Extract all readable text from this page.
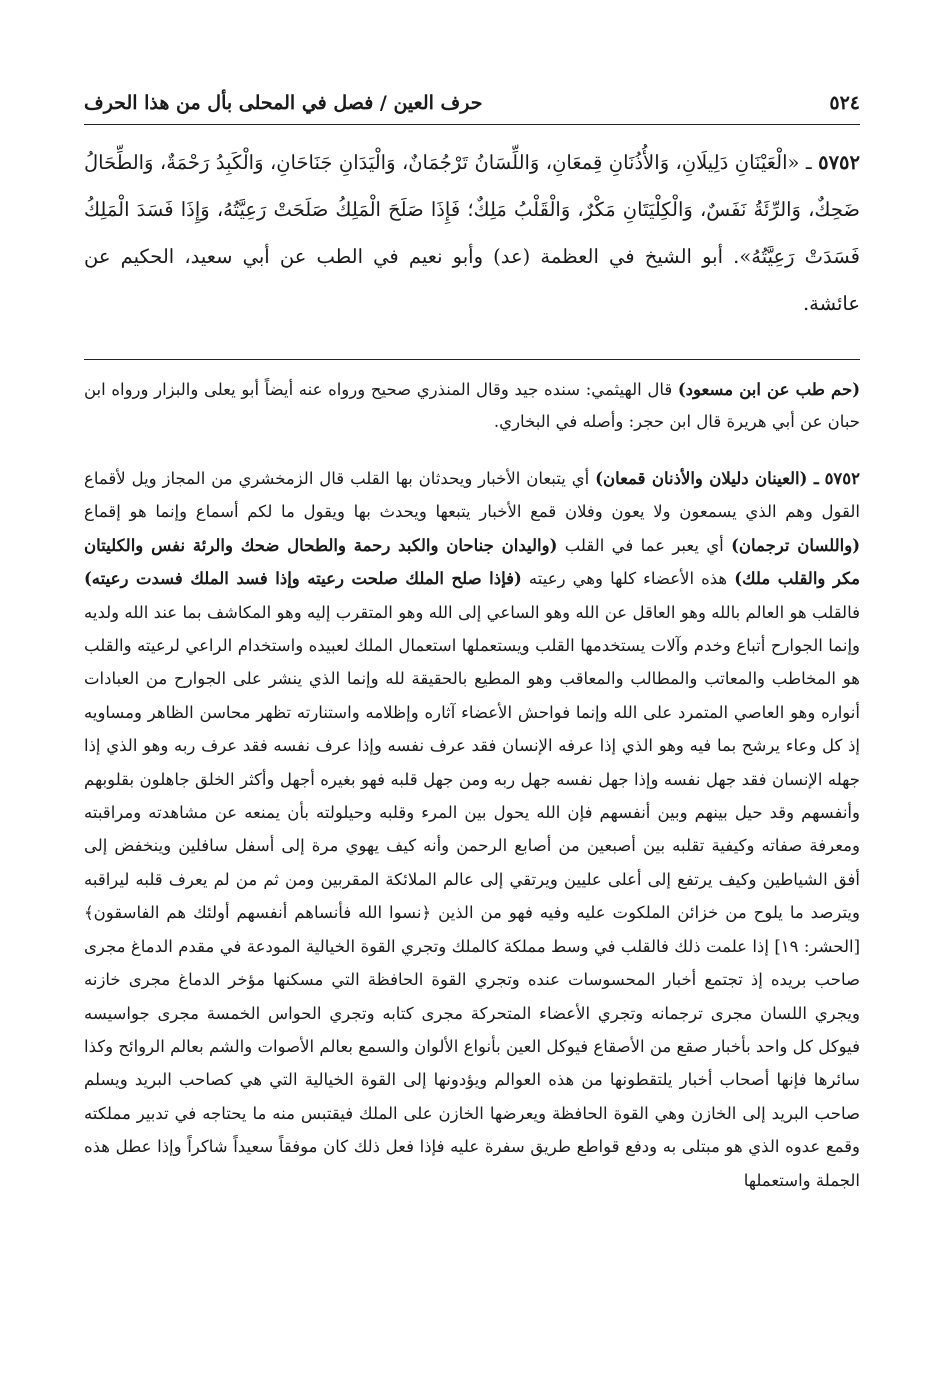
٥٢٤
حرف العين / فصل في المحلى بأل من هذا الحرف
٥٧٥٢ ـ «الْعَيْنَانِ دَلِيلَانِ، وَالأُذُنَانِ قِمعَانِ، وَاللِّسَانُ تَرْجُمَانٌ، وَالْيَدَانِ جَنَاحَانِ، وَالْكَبِدُ رَحْمَةٌ، وَالطِّحَالُ ضَحِكٌ، وَالرِّئَةُ نَفَسٌ، وَالْكِلْيَتَانِ مَكْرٌ، وَالْقَلْبُ مَلِكٌ؛ فَإِذَا صَلَحَ الْمَلِكُ صَلَحَتْ رَعِيَّتُهُ، وَإِذَا فَسَدَ الْمَلِكُ فَسَدَتْ رَعِيَّتُهُ». أبو الشيخ في العظمة (عد) وأبو نعيم في الطب عن أبي سعيد، الحكيم عن عائشة.
(حم طب عن ابن مسعود) قال الهيثمي: سنده جيد وقال المنذري صحيح ورواه عنه أيضاً أبو يعلى والبزار ورواه ابن حبان عن أبي هريرة قال ابن حجر: وأصله في البخاري.
٥٧٥٢ ـ (العينان دليلان والأذنان قمعان) أي يتبعان الأخبار ويحدثان بها القلب قال الزمخشري من المجاز ويل لأقماع القول وهم الذي يسمعون ولا يعون وفلان قمع الأخبار يتبعها ويحدث بها ويقول ما لكم أسماع وإنما هو إقماع (واللسان ترجمان) أي يعبر عما في القلب (واليدان جناحان والكبد رحمة والطحال ضحك والرئة نفس والكليتان مكر والقلب ملك) هذه الأعضاء كلها وهي رعيته (فإذا صلح الملك صلحت رعيته وإذا فسد الملك فسدت رعيته) فالقلب هو العالم بالله وهو العاقل عن الله وهو الساعي إلى الله وهو المتقرب إليه وهو المكاشف بما عند الله ولديه وإنما الجوارح أتباع وخدم وآلات يستخدمها القلب ويستعملها استعمال الملك لعبيده واستخدام الراعي لرعيته والقلب هو المخاطب والمعاتب والمطالب والمعاقب وهو المطيع بالحقيقة لله وإنما الذي ينشر على الجوارح من العبادات أنواره وهو العاصي المتمرد على الله وإنما فواحش الأعضاء آثاره وإظلامه واستنارته تظهر محاسن الظاهر ومساويه إذ كل وعاء يرشح بما فيه وهو الذي إذا عرفه الإنسان فقد عرف نفسه وإذا عرف نفسه فقد عرف ربه وهو الذي إذا جهله الإنسان فقد جهل نفسه وإذا جهل نفسه جهل ربه ومن جهل قلبه فهو بغيره أجهل وأكثر الخلق جاهلون بقلوبهم وأنفسهم وقد حيل بينهم وبين أنفسهم فإن الله يحول بين المرء وقلبه وحيلولته بأن يمنعه عن مشاهدته ومراقبته ومعرفة صفاته وكيفية تقلبه بين أصبعين من أصابع الرحمن وأنه كيف يهوي مرة إلى أسفل سافلين وينخفض إلى أفق الشياطين وكيف يرتفع إلى أعلى عليين ويرتقي إلى عالم الملائكة المقربين ومن ثم من لم يعرف قلبه ليراقبه ويترصد ما يلوح من خزائن الملكوت عليه وفيه فهو من الذين ﴿نسوا الله فأنساهم أنفسهم أولئك هم الفاسقون﴾ [الحشر: ١٩] إذا علمت ذلك فالقلب في وسط مملكة كالملك وتجري القوة الخيالية المودعة في مقدم الدماغ مجرى صاحب بريده إذ تجتمع أخبار المحسوسات عنده وتجري القوة الحافظة التي مسكنها مؤخر الدماغ مجرى خازنه ويجري اللسان مجرى ترجمانه وتجري الأعضاء المتحركة مجرى كتابه وتجري الحواس الخمسة مجرى جواسيسه فيوكل كل واحد بأخبار صقع من الأصقاع فيوكل العين بأنواع الألوان والسمع بعالم الأصوات والشم بعالم الروائح وكذا سائرها فإنها أصحاب أخبار يلتقطونها من هذه العوالم ويؤدونها إلى القوة الخيالية التي هي كصاحب البريد ويسلم صاحب البريد إلى الخازن وهي القوة الحافظة ويعرضها الخازن على الملك فيقتبس منه ما يحتاجه في تدبير مملكته وقمع عدوه الذي هو مبتلى به ودفع قواطع طريق سفرة عليه فإذا فعل ذلك كان موفقاً سعيداً شاكراً وإذا عطل هذه الجملة واستعملها
